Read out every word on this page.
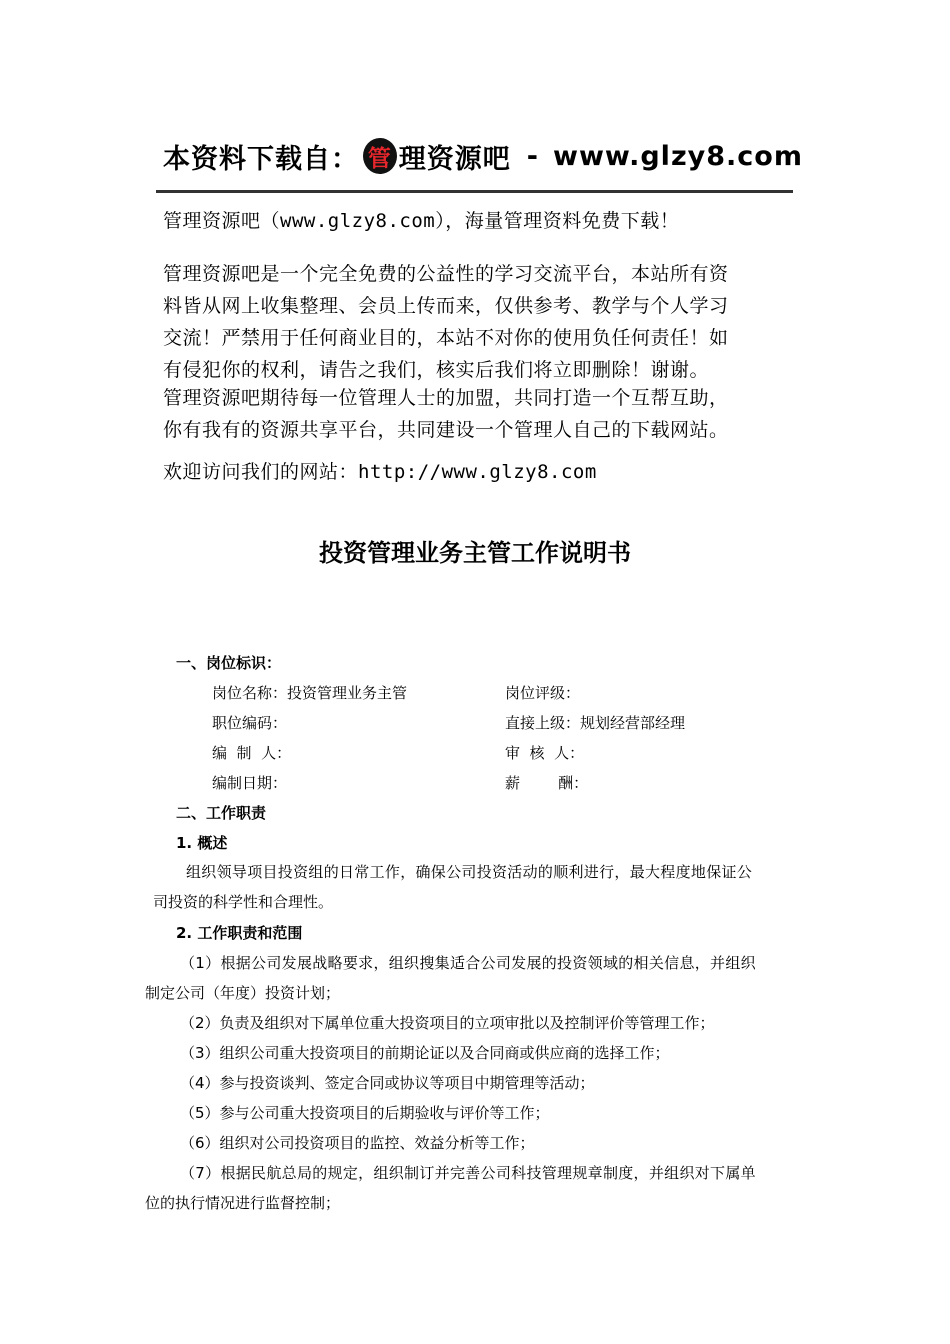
本资料下载自： 管 理资源吧 - www.glzy8.com
管理资源吧（www.glzy8.com），海量管理资料免费下载！
管理资源吧是一个完全免费的公益性的学习交流平台，本站所有资
料皆从网上收集整理、会员上传而来，仅供参考、教学与个人学习
交流！严禁用于任何商业目的，本站不对你的使用负任何责任！如
有侵犯你的权利，请告之我们，核实后我们将立即删除！谢谢。
管理资源吧期待每一位管理人士的加盟，共同打造一个互帮互助，
你有我有的资源共享平台，共同建设一个管理人自己的下载网站。
欢迎访问我们的网站：http://www.glzy8.com
投资管理业务主管工作说明书
一、岗位标识：
岗位名称：投资管理业务主管	岗位评级：
职位编码：	直接上级：规划经营部经理
编  制  人：	审  核  人：
编制日期：	薪        酬：
二、工作职责
1. 概述
组织领导项目投资组的日常工作，确保公司投资活动的顺利进行，最大程度地保证公
司投资的科学性和合理性。
2. 工作职责和范围
（1）根据公司发展战略要求，组织搜集适合公司发展的投资领域的相关信息，并组织
制定公司（年度）投资计划；
（2）负责及组织对下属单位重大投资项目的立项审批以及控制评价等管理工作；
（3）组织公司重大投资项目的前期论证以及合同商或供应商的选择工作；
（4）参与投资谈判、签定合同或协议等项目中期管理等活动；
（5）参与公司重大投资项目的后期验收与评价等工作；
（6）组织对公司投资项目的监控、效益分析等工作；
（7）根据民航总局的规定，组织制订并完善公司科技管理规章制度，并组织对下属单
位的执行情况进行监督控制；
